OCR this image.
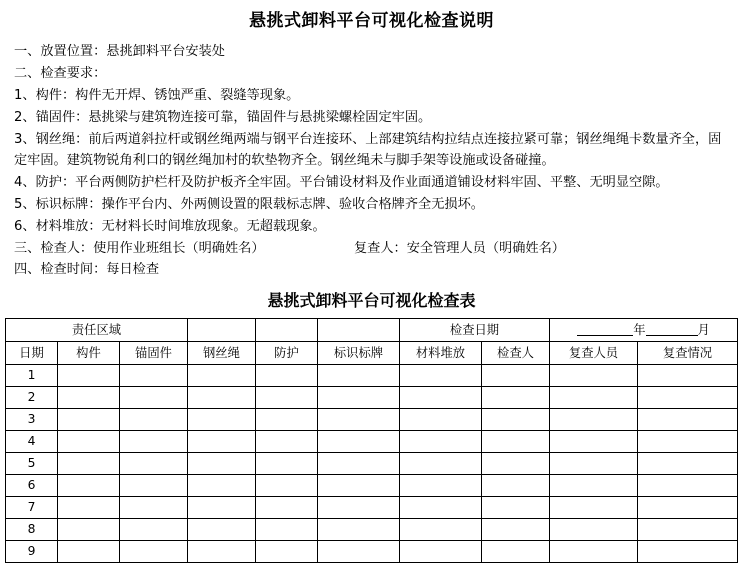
悬挑式卸料平台可视化检查说明
一、放置位置：悬挑卸料平台安装处
二、检查要求：
1、构件：构件无开焊、锈蚀严重、裂缝等现象。
2、锚固件：悬挑梁与建筑物连接可靠，锚固件与悬挑梁螺栓固定牢固。
3、钢丝绳：前后两道斜拉杆或钢丝绳两端与钢平台连接环、上部建筑结构拉结点连接拉紧可靠；钢丝绳绳卡数量齐全，固定牢固。建筑物锐角利口的钢丝绳加村的软垫物齐全。钢丝绳未与脚手架等设施或设备碰撞。
4、防护：平台两侧防护栏杆及防护板齐全牢固。平台铺设材料及作业面通道铺设材料牢固、平整、无明显空隙。
5、标识标牌：操作平台内、外两侧设置的限载标志牌、验收合格牌齐全无损坏。
6、材料堆放：无材料长时间堆放现象。无超载现象。
三、检查人：使用作业班组长（明确姓名）	复查人：安全管理人员（明确姓名）
四、检查时间：每日检查
悬挑式卸料平台可视化检查表
责任区域						检查日期		年 月	
日期	构件	锚固件	钢丝绳	防护	标识标牌	材料堆放	检查人	复查人员	复查情况
1									
2									
3									
4									
5									
6									
7									
8									
9									
